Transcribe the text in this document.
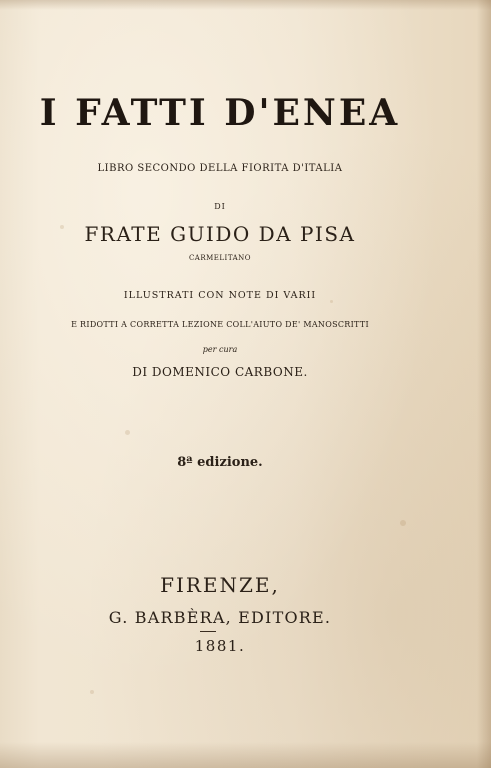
I FATTI D'ENEA
LIBRO SECONDO DELLA FIORITA D'ITALIA
DI
FRATE GUIDO DA PISA
CARMELITANO
ILLUSTRATI CON NOTE DI VARII
E RIDOTTI A CORRETTA LEZIONE COLL'AIUTO DE' MANOSCRITTI
per cura
DI DOMENICO CARBONE.
8ª edizione.
FIRENZE,
G. BARBÈRA, EDITORE.
1881.
